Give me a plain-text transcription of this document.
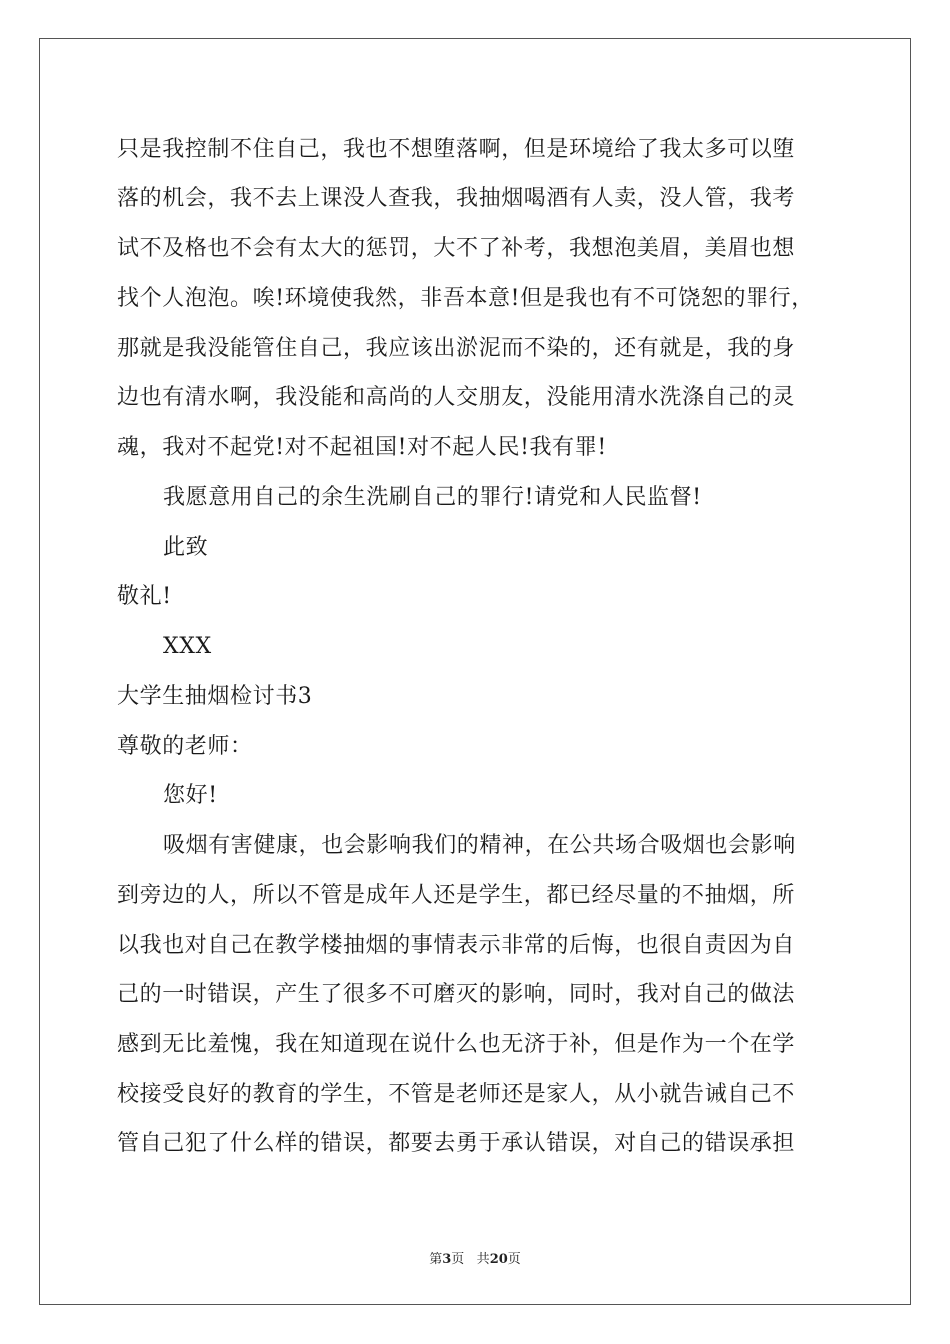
只是我控制不住自己，我也不想堕落啊，但是环境给了我太多可以堕
落的机会，我不去上课没人查我，我抽烟喝酒有人卖，没人管，我考
试不及格也不会有太大的惩罚，大不了补考，我想泡美眉，美眉也想
找个人泡泡。唉!环境使我然，非吾本意!但是我也有不可饶恕的罪行，
那就是我没能管住自己，我应该出淤泥而不染的，还有就是，我的身
边也有清水啊，我没能和高尚的人交朋友，没能用清水洗涤自己的灵
魂，我对不起党!对不起祖国!对不起人民!我有罪!
我愿意用自己的余生洗刷自己的罪行!请党和人民监督!
此致
敬礼!
XXX
大学生抽烟检讨书3
尊敬的老师：
您好!
吸烟有害健康，也会影响我们的精神，在公共场合吸烟也会影响
到旁边的人，所以不管是成年人还是学生，都已经尽量的不抽烟，所
以我也对自己在教学楼抽烟的事情表示非常的后悔，也很自责因为自
己的一时错误，产生了很多不可磨灭的影响，同时，我对自己的做法
感到无比羞愧，我在知道现在说什么也无济于补，但是作为一个在学
校接受良好的教育的学生，不管是老师还是家人，从小就告诫自己不
管自己犯了什么样的错误，都要去勇于承认错误，对自己的错误承担
第3页 共20页
